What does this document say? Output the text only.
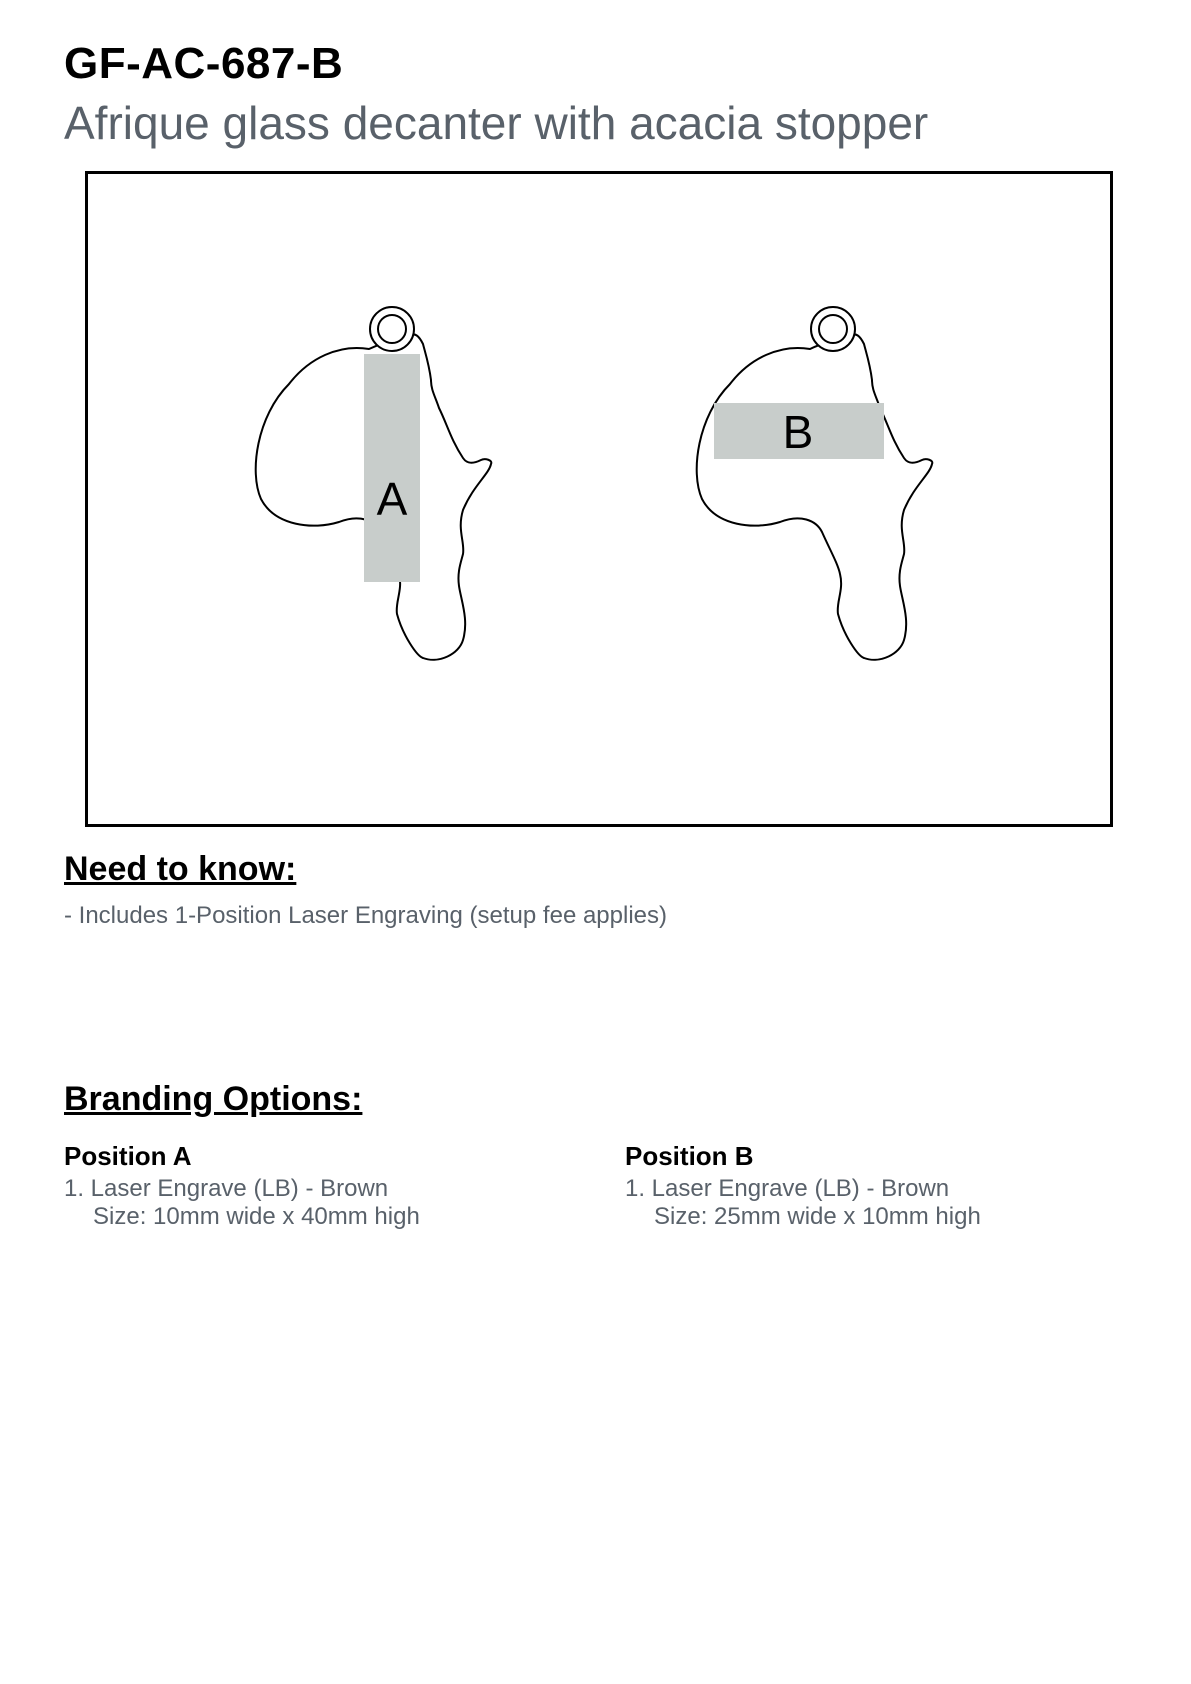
GF-AC-687-B
Afrique glass decanter with acacia stopper
A
B
Need to know:

- Includes 1-Position Laser Engraving (setup fee applies)

Branding Options:

Position A

1. Laser Engrave (LB) - Brown

Size: 10mm wide x 40mm high

Position B

1. Laser Engrave (LB) - Brown

Size: 25mm wide x 10mm high
